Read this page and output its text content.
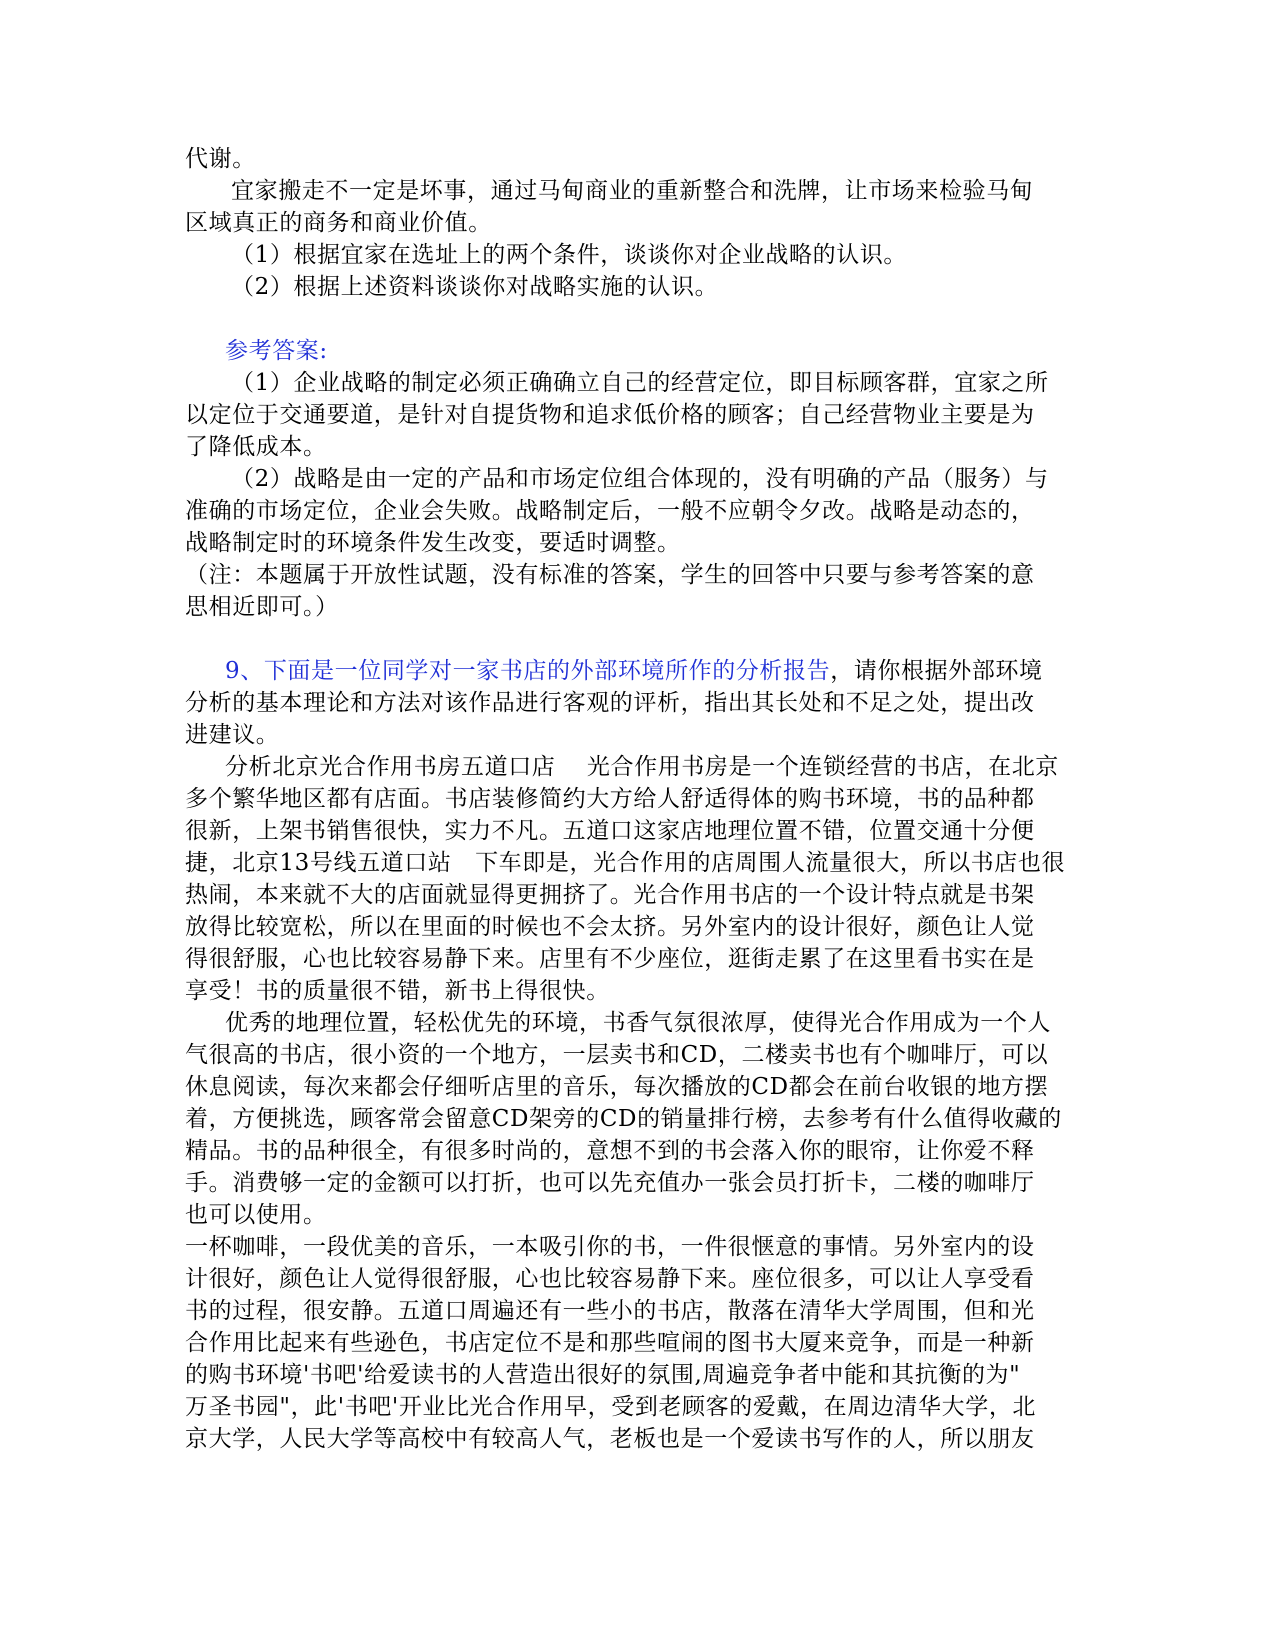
代谢。
宜家搬走不一定是坏事，通过马甸商业的重新整合和洗牌，让市场来检验马甸
区域真正的商务和商业价值。
（1）根据宜家在选址上的两个条件，谈谈你对企业战略的认识。
（2）根据上述资料谈谈你对战略实施的认识。
参考答案:
（1）企业战略的制定必须正确确立自己的经营定位，即目标顾客群，宜家之所
以定位于交通要道，是针对自提货物和追求低价格的顾客；自己经营物业主要是为
了降低成本。
（2）战略是由一定的产品和市场定位组合体现的，没有明确的产品（服务）与
准确的市场定位，企业会失败。战略制定后，一般不应朝令夕改。战略是动态的，
战略制定时的环境条件发生改变，要适时调整。
（注：本题属于开放性试题，没有标准的答案，学生的回答中只要与参考答案的意
思相近即可。）
9、下面是一位同学对一家书店的外部环境所作的分析报告，请你根据外部环境
分析的基本理论和方法对该作品进行客观的评析，指出其长处和不足之处，提出改
进建议。
分析北京光合作用书房五道口店　 光合作用书房是一个连锁经营的书店，在北京
多个繁华地区都有店面。书店装修简约大方给人舒适得体的购书环境，书的品种都
很新，上架书销售很快，实力不凡。五道口这家店地理位置不错，位置交通十分便
捷，北京13号线五道口站　下车即是，光合作用的店周围人流量很大，所以书店也很
热闹，本来就不大的店面就显得更拥挤了。光合作用书店的一个设计特点就是书架
放得比较宽松，所以在里面的时候也不会太挤。另外室内的设计很好，颜色让人觉
得很舒服，心也比较容易静下来。店里有不少座位，逛街走累了在这里看书实在是
享受！书的质量很不错，新书上得很快。
优秀的地理位置，轻松优先的环境，书香气氛很浓厚，使得光合作用成为一个人
气很高的书店，很小资的一个地方，一层卖书和CD，二楼卖书也有个咖啡厅，可以
休息阅读，每次来都会仔细听店里的音乐，每次播放的CD都会在前台收银的地方摆
着，方便挑选，顾客常会留意CD架旁的CD的销量排行榜，去参考有什么值得收藏的
精品。书的品种很全，有很多时尚的，意想不到的书会落入你的眼帘，让你爱不释
手。消费够一定的金额可以打折，也可以先充值办一张会员打折卡，二楼的咖啡厅
也可以使用。
一杯咖啡，一段优美的音乐，一本吸引你的书，一件很惬意的事情。另外室内的设
计很好，颜色让人觉得很舒服，心也比较容易静下来。座位很多，可以让人享受看
书的过程，很安静。五道口周遍还有一些小的书店，散落在清华大学周围，但和光
合作用比起来有些逊色，书店定位不是和那些喧闹的图书大厦来竞争，而是一种新
的购书环境'书吧'给爱读书的人营造出很好的氛围,周遍竞争者中能和其抗衡的为"
万圣书园"，此'书吧'开业比光合作用早，受到老顾客的爱戴，在周边清华大学，北
京大学，人民大学等高校中有较高人气，老板也是一个爱读书写作的人，所以朋友
